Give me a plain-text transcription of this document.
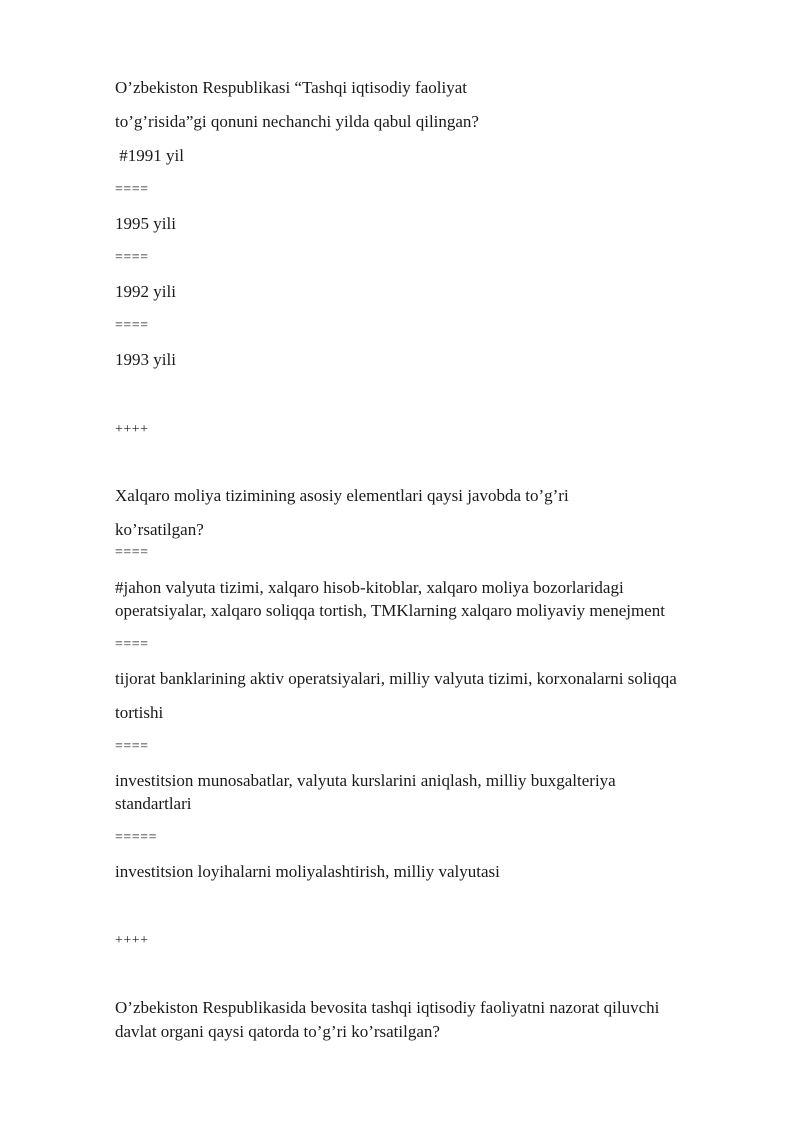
O’zbekiston Respublikasi “Tashqi iqtisodiy faoliyat
to’g’risida”gi qonuni nechanchi yilda qabul qilingan?
#1991 yil
====
1995 yili
====
1992 yili
====
1993 yili
++++
Xalqaro moliya tizimining asosiy elementlari qaysi javobda to’g’ri
ko’rsatilgan?
====
#jahon valyuta tizimi, xalqaro hisob-kitoblar, xalqaro moliya bozorlaridagi
operatsiyalar, xalqaro soliqqa tortish, TMKlarning xalqaro moliyaviy menejment
====
tijorat banklarining aktiv operatsiyalari, milliy valyuta tizimi, korxonalarni soliqqa
tortishi
====
investitsion munosabatlar, valyuta kurslarini aniqlash, milliy buxgalteriya
standartlari
=====
investitsion loyihalarni moliyalashtirish, milliy valyutasi
++++
O’zbekiston Respublikasida bevosita tashqi iqtisodiy faoliyatni nazorat qiluvchi
davlat organi qaysi qatorda to’g’ri ko’rsatilgan?
